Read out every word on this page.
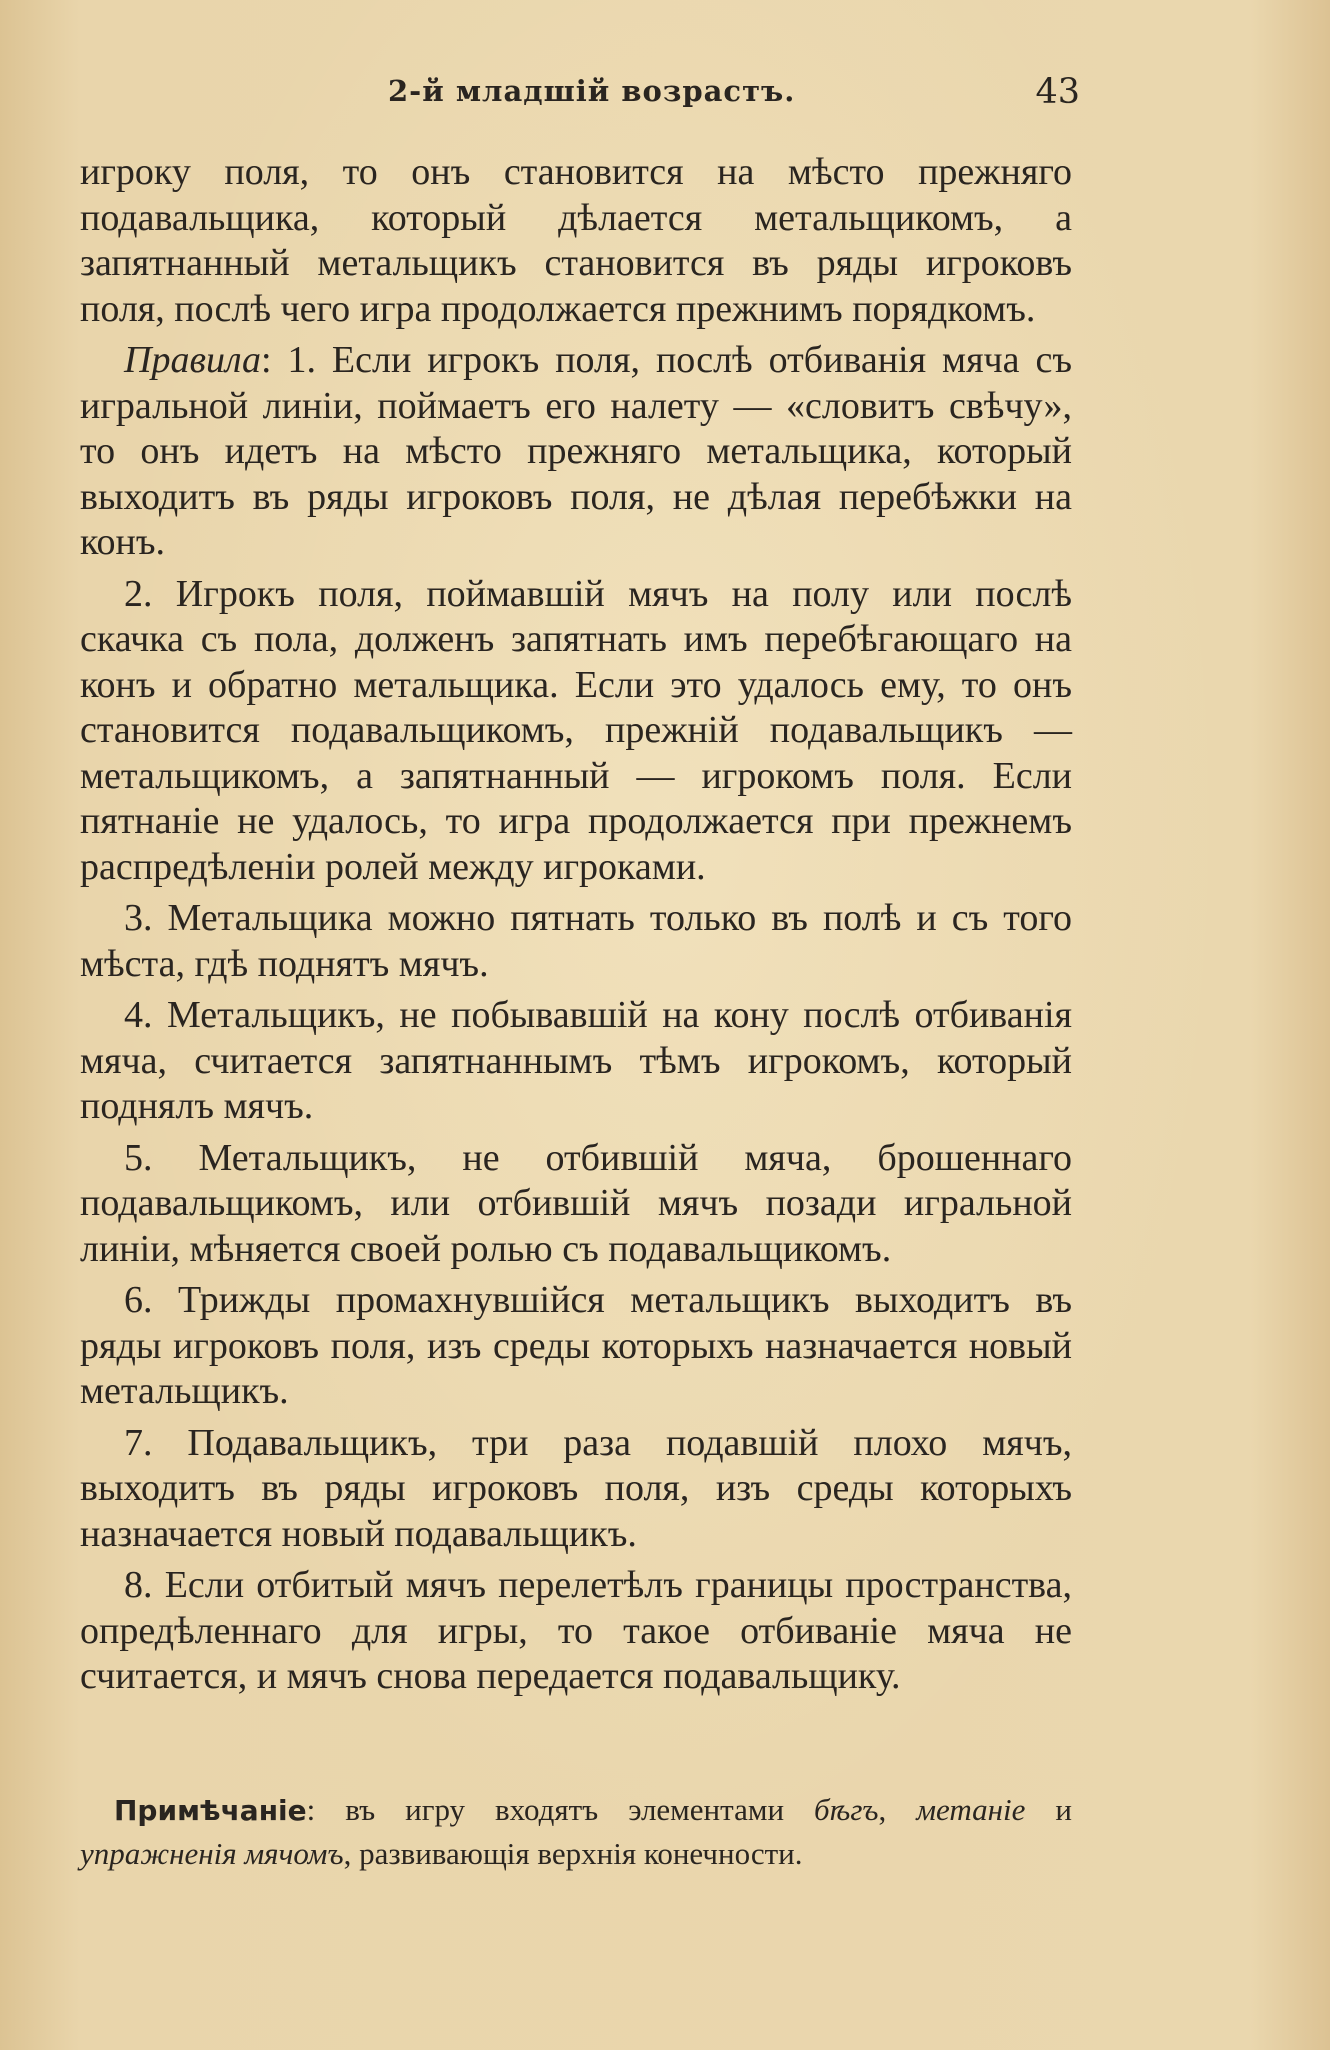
2-й младшій возрастъ.	43

игроку поля, то онъ становится на мѣсто прежняго подавальщика, который дѣлается метальщикомъ, а запятнанный метальщикъ становится въ ряды игроковъ поля, послѣ чего игра продолжается прежнимъ порядкомъ.

Правила: 1. Если игрокъ поля, послѣ отбиванія мяча съ игральной линіи, поймаетъ его налету — «словитъ свѣчу», то онъ идетъ на мѣсто прежняго метальщика, который выходитъ въ ряды игроковъ поля, не дѣлая перебѣжки на конъ.

2. Игрокъ поля, поймавшій мячъ на полу или послѣ скачка съ пола, долженъ запятнать имъ перебѣгающаго на конъ и обратно метальщика. Если это удалось ему, то онъ становится подавальщикомъ, прежній подавальщикъ — метальщикомъ, а запятнанный — игрокомъ поля. Если пятнаніе не удалось, то игра продолжается при прежнемъ распредѣленіи ролей между игроками.

3. Метальщика можно пятнать только въ полѣ и съ того мѣста, гдѣ поднятъ мячъ.

4. Метальщикъ, не побывавшій на кону послѣ отбиванія мяча, считается запятнаннымъ тѣмъ игрокомъ, который поднялъ мячъ.

5. Метальщикъ, не отбившій мяча, брошеннаго подавальщикомъ, или отбившій мячъ позади игральной линіи, мѣняется своей ролью съ подавальщикомъ.

6. Трижды промахнувшійся метальщикъ выходитъ въ ряды игроковъ поля, изъ среды которыхъ назначается новый метальщикъ.

7. Подавальщикъ, три раза подавшій плохо мячъ, выходитъ въ ряды игроковъ поля, изъ среды которыхъ назначается новый подавальщикъ.

8. Если отбитый мячъ перелетѣлъ границы пространства, опредѣленнаго для игры, то такое отбиваніе мяча не считается, и мячъ снова передается подавальщику.

Примѣчаніе: въ игру входятъ элементами бѣгъ, метаніе и упражненія мячомъ, развивающія верхнія конечности.
